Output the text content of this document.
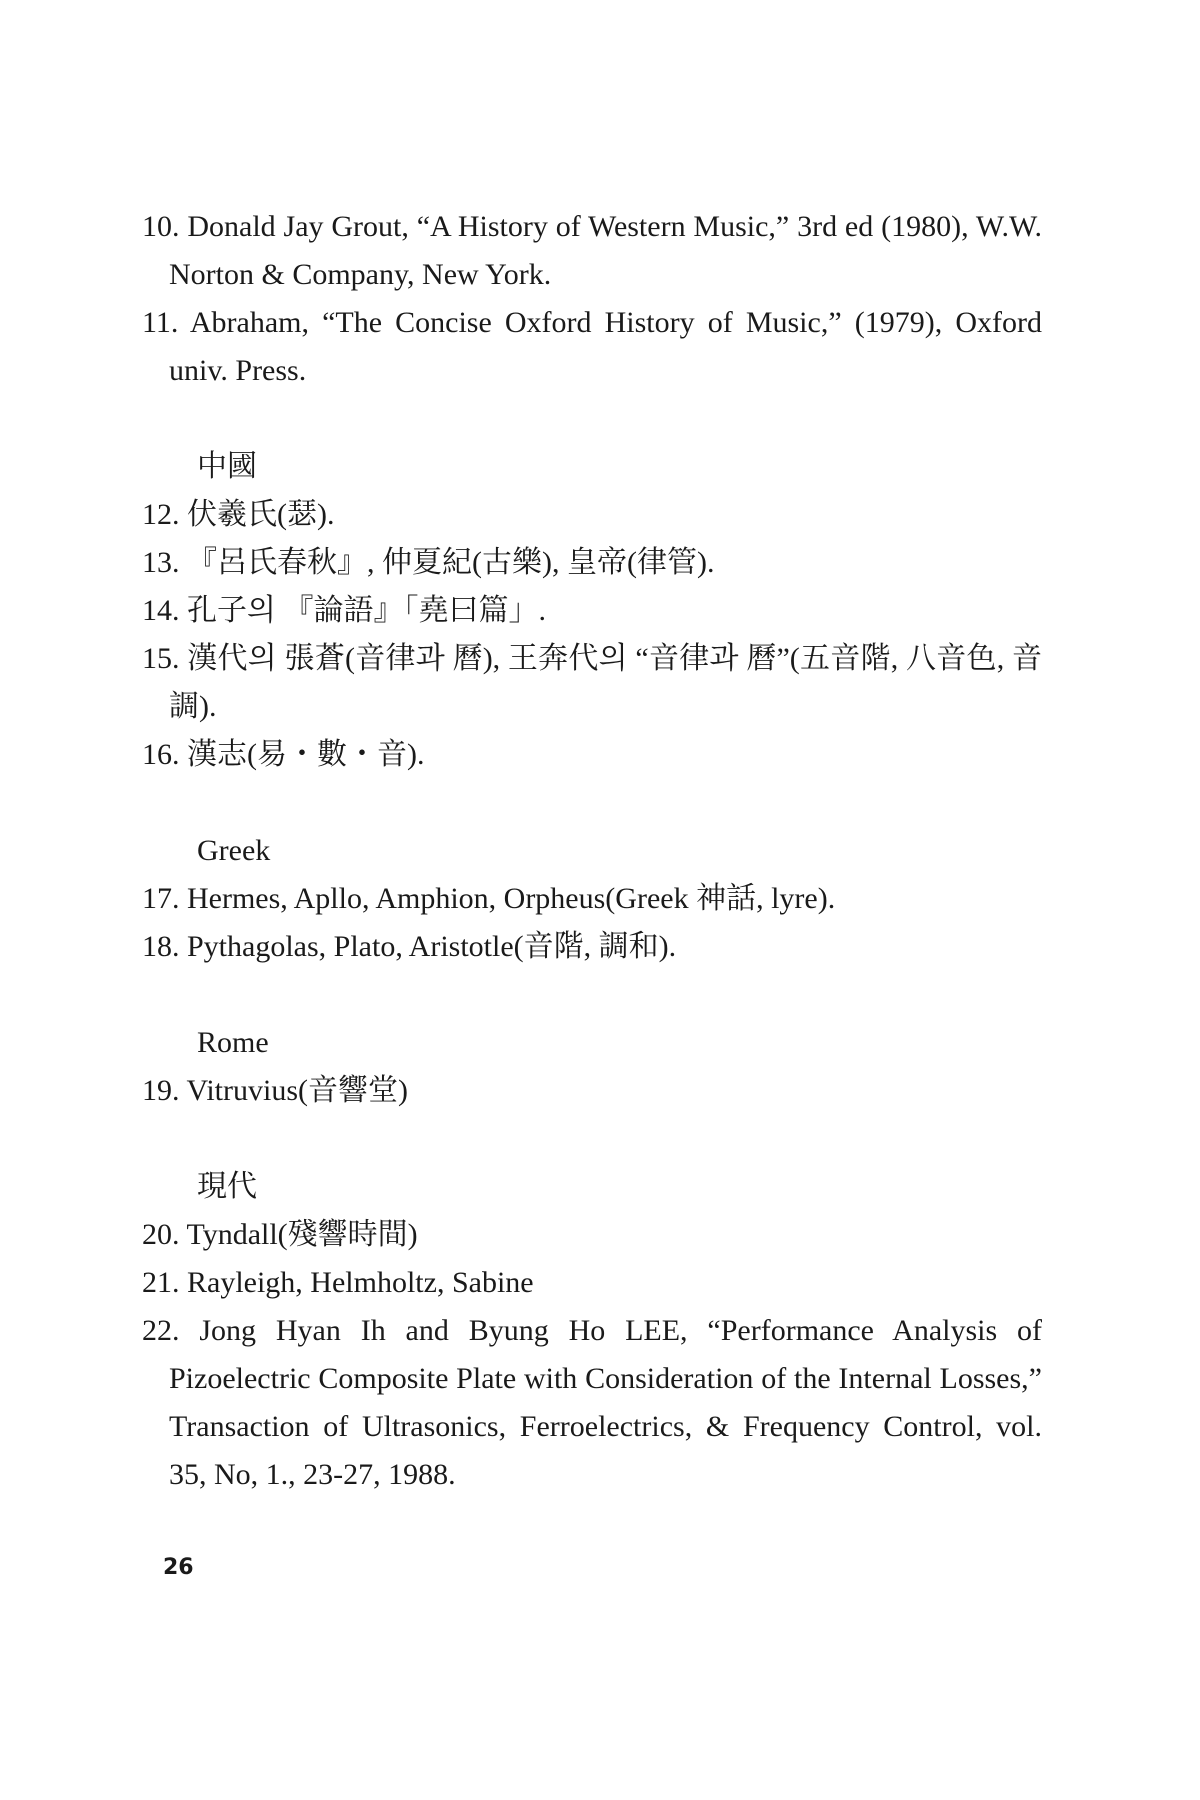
10. Donald Jay Grout, “A History of Western Music,” 3rd ed (1980), W.W. Norton & Company, New York.

11. Abraham, “The Concise Oxford History of Music,” (1979), Oxford univ. Press.

中國

12. 伏羲氏(瑟).

13. 『呂氏春秋』, 仲夏紀(古樂), 皇帝(律管).

14. 孔子의 『論語』「堯曰篇」.

15. 漢代의 張蒼(音律과 曆), 王奔代의 “音律과 曆”(五音階, 八音色, 音調).

16. 漢志(易・數・音).

Greek

17. Hermes, Apllo, Amphion, Orpheus(Greek 神話, lyre).

18. Pythagolas, Plato, Aristotle(音階, 調和).

Rome

19. Vitruvius(音響堂)

現代

20. Tyndall(殘響時間)

21. Rayleigh, Helmholtz, Sabine

22. Jong Hyan Ih and Byung Ho LEE, “Performance Analysis of Pizoelectric Composite Plate with Consideration of the Internal Losses,” Transaction of Ultrasonics, Ferroelectrics, & Frequency Control, vol. 35, No, 1., 23-27, 1988.

26
